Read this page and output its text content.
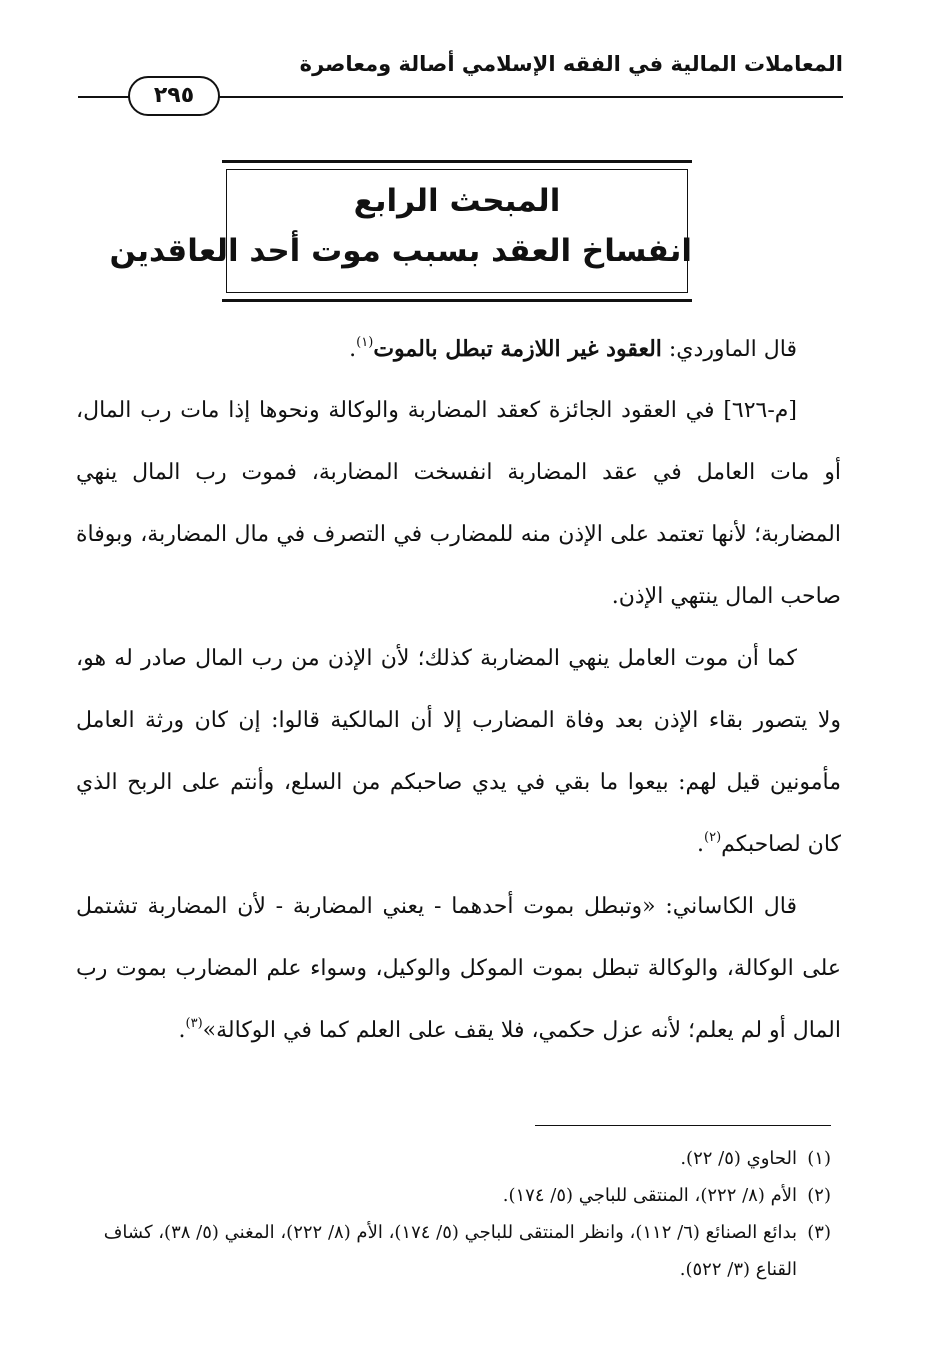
المعاملات المالية في الفقه الإسلامي أصالة ومعاصرة
٢٩٥
المبحث الرابع
انفساخ العقد بسبب موت أحد العاقدين

قال الماوردي: العقود غير اللازمة تبطل بالموت$^{(١)}$.

[م-٦٢٦] في العقود الجائزة كعقد المضاربة والوكالة ونحوها إذا مات رب المال، أو مات العامل في عقد المضاربة انفسخت المضاربة، فموت رب المال ينهي المضاربة؛ لأنها تعتمد على الإذن منه للمضارب في التصرف في مال المضاربة، وبوفاة صاحب المال ينتهي الإذن.

كما أن موت العامل ينهي المضاربة كذلك؛ لأن الإذن من رب المال صادر له هو، ولا يتصور بقاء الإذن بعد وفاة المضارب إلا أن المالكية قالوا: إن كان ورثة العامل مأمونين قيل لهم: بيعوا ما بقي في يدي صاحبكم من السلع، وأنتم على الربح الذي كان لصاحبكم$^{(٢)}$.

قال الكاساني: «وتبطل بموت أحدهما - يعني المضاربة - لأن المضاربة تشتمل على الوكالة، والوكالة تبطل بموت الموكل والوكيل، وسواء علم المضارب بموت رب المال أو لم يعلم؛ لأنه عزل حكمي، فلا يقف على العلم كما في الوكالة»$^{(٣)}$.

(١)الحاوي (٥/ ٢٢).

(٢)الأم (٨/ ٢٢٢)، المنتقى للباجي (٥/ ١٧٤).

(٣)بدائع الصنائع (٦/ ١١٢)، وانظر المنتقى للباجي (٥/ ١٧٤)، الأم (٨/ ٢٢٢)، المغني (٥/ ٣٨)، كشاف القناع (٣/ ٥٢٢).
